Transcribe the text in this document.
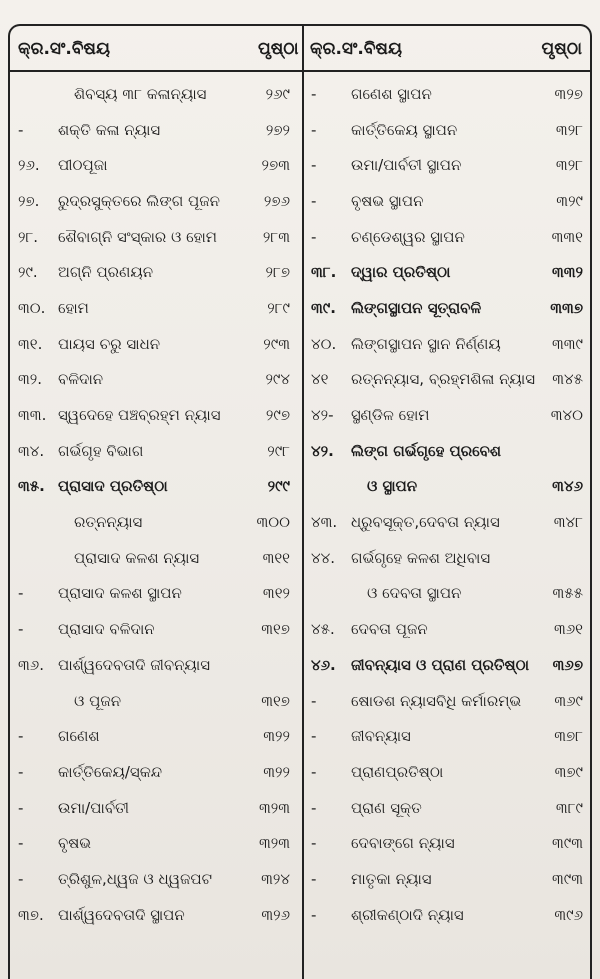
କ୍ର.ସଂ.ବିଷୟ	ପୃଷ୍ଠା କ୍ର.ସଂ.ବିଷୟ	ପୃଷ୍ଠା
ଶିବସ୍ୟ ୩୮ କଳାନ୍ୟାସ	୨୬୯
- ଶକ୍ତି କଳା ନ୍ୟାସ	୨୭୨
୨୬. ପୀଠପୂଜା	୨୭୩
୨୭. ରୁଦ୍ରସୁକ୍ତରେ ଲିଙ୍ଗ ପୂଜନ	୨୭୬
୨୮. ଶୈବାଗ୍ନି ସଂସ୍କାର ଓ ହୋମ	୨୮୩
୨୯. ଅଗ୍ନି ପ୍ରଣୟନ	୨୮୭
୩୦. ହୋମ	୨୮୯
୩୧. ପାୟସ ଚରୁ ସାଧନ	୨୯୩
୩୨. ବଳିଦାନ	୨୯୪
୩୩. ସ୍ୱଦେହେ ପଞ୍ଚବ୍ରହ୍ମ ନ୍ୟାସ	୨୯୭
୩୪. ଗର୍ଭଗୃହ ବିଭାଗ	୨୯୮
୩୫. ପ୍ରାସାଦ ପ୍ରତିଷ୍ଠା	୨୯୯
ରତ୍ନନ୍ୟାସ	୩୦୦
ପ୍ରାସାଦ କଳଶ ନ୍ୟାସ	୩୧୧
- ପ୍ରାସାଦ କଳଶ ସ୍ଥାପନ	୩୧୨
- ପ୍ରାସାଦ ବଳିଦାନ	୩୧୭
୩୬. ପାର୍ଶ୍ୱଦେବତାଦି ଜୀବନ୍ୟାସ
ଓ ପୂଜନ	୩୧୭
- ଗଣେଶ	୩୨୨
- କାର୍ତ୍ତିକେୟ/ସ୍କନ୍ଦ	୩୨୨
- ଉମା/ପାର୍ବତୀ	୩୨୩
- ବୃଷଭ	୩୨୩
- ତ୍ରିଶୁଳ,ଧ୍ୱଜ ଓ ଧ୍ୱଜପଟ	୩୨୪
୩୭. ପାର୍ଶ୍ୱଦେବତାଦି ସ୍ଥାପନ	୩୨୬
- ଗଣେଶ ସ୍ଥାପନ	୩୨୭
- କାର୍ତ୍ତିକେୟ ସ୍ଥାପନ	୩୨୮
- ଉମା/ପାର୍ବତୀ ସ୍ଥାପନ	୩୨୮
- ବୃଷଭ ସ୍ଥାପନ	୩୨୯
- ଚଣ୍ଡେଶ୍ୱର ସ୍ଥାପନ	୩୩୧
୩୮. ଦ୍ୱାର ପ୍ରତିଷ୍ଠା	୩୩୨
୩୯. ଲିଙ୍ଗସ୍ଥାପନ ସୂତ୍ରାବଳି	୩୩୭
୪୦. ଲିଙ୍ଗସ୍ଥାପନ ସ୍ଥାନ ନିର୍ଣ୍ଣୟ	୩୩୯
୪୧ ରତ୍ନନ୍ୟାସ, ବ୍ରହ୍ମଶିଳା ନ୍ୟାସ ୩୪୫
୪୨- ସ୍ଥଣ୍ଡିଳ ହୋମ	୩୪୦
୪୨. ଲିଙ୍ଗ ଗର୍ଭଗୃହେ ପ୍ରବେଶ
ଓ ସ୍ଥାପନ	୩୪୬
୪୩. ଧ୍ରୁବସୂକ୍ତ,ଦେବତା ନ୍ୟାସ	୩୪୮
୪୪. ଗର୍ଭଗୃହେ କଳଶ ଅଧିବାସ
ଓ ଦେବତା ସ୍ଥାପନ	୩୫୫
୪୫. ଦେବତା ପୂଜନ	୩୬୧
୪୬. ଜୀବନ୍ୟାସ ଓ ପ୍ରାଣ ପ୍ରତିଷ୍ଠା ୩୬୭
- ଷୋଡଶ ନ୍ୟାସବିଧି କର୍ମାରମ୍ଭ ୩୬୯
- ଜୀବନ୍ୟାସ	୩୭୮
- ପ୍ରାଣପ୍ରତିଷ୍ଠା	୩୭୯
- ପ୍ରାଣ ସୂକ୍ତ	୩୮୯
- ଦେବାଙ୍ଗେ ନ୍ୟାସ	୩୯୩
- ମାତୃକା ନ୍ୟାସ	୩୯୩
- ଶ୍ରୀକଣ୍ଠାଦି ନ୍ୟାସ	୩୯୬
